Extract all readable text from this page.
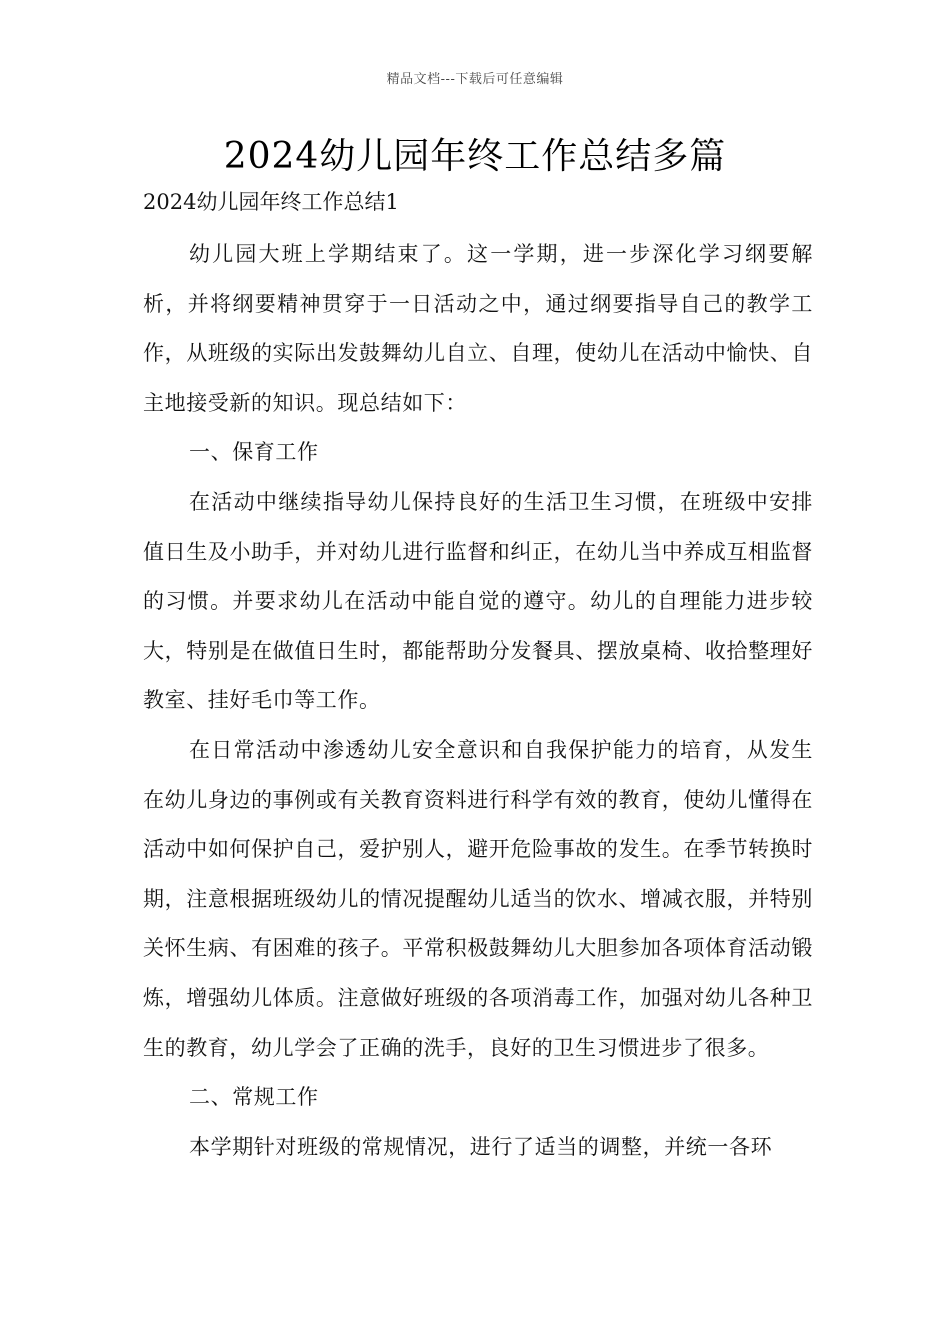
精品文档---下载后可任意编辑
2024幼儿园年终工作总结多篇
2024幼儿园年终工作总结1

幼儿园大班上学期结束了。这一学期，进一步深化学习纲要解析，并将纲要精神贯穿于一日活动之中，通过纲要指导自己的教学工作，从班级的实际出发鼓舞幼儿自立、自理，使幼儿在活动中愉快、自主地接受新的知识。现总结如下：

一、保育工作

在活动中继续指导幼儿保持良好的生活卫生习惯，在班级中安排值日生及小助手，并对幼儿进行监督和纠正，在幼儿当中养成互相监督的习惯。并要求幼儿在活动中能自觉的遵守。幼儿的自理能力进步较大，特别是在做值日生时，都能帮助分发餐具、摆放桌椅、收拾整理好教室、挂好毛巾等工作。

在日常活动中渗透幼儿安全意识和自我保护能力的培育，从发生在幼儿身边的事例或有关教育资料进行科学有效的教育，使幼儿懂得在活动中如何保护自己，爱护别人，避开危险事故的发生。在季节转换时期，注意根据班级幼儿的情况提醒幼儿适当的饮水、增减衣服，并特别关怀生病、有困难的孩子。平常积极鼓舞幼儿大胆参加各项体育活动锻炼，增强幼儿体质。注意做好班级的各项消毒工作，加强对幼儿各种卫生的教育，幼儿学会了正确的洗手，良好的卫生习惯进步了很多。

二、常规工作

本学期针对班级的常规情况，进行了适当的调整，并统一各环
